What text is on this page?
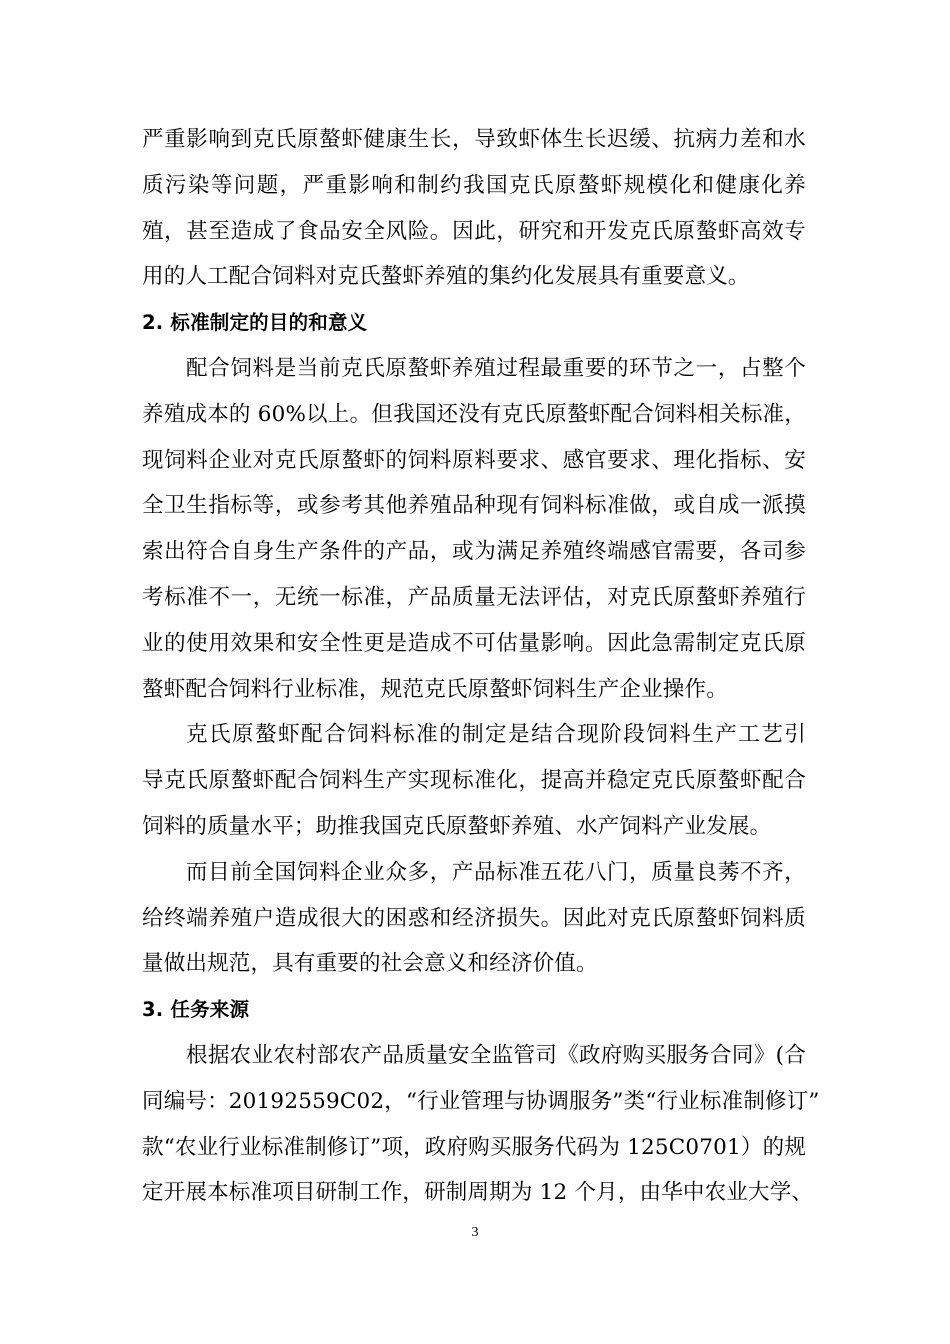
严重影响到克氏原螯虾健康生长，导致虾体生长迟缓、抗病力差和水
质污染等问题，严重影响和制约我国克氏原螯虾规模化和健康化养
殖，甚至造成了食品安全风险。因此，研究和开发克氏原螯虾高效专
用的人工配合饲料对克氏螯虾养殖的集约化发展具有重要意义。
2. 标准制定的目的和意义
配合饲料是当前克氏原螯虾养殖过程最重要的环节之一，占整个
养殖成本的 60%以上。但我国还没有克氏原螯虾配合饲料相关标准，
现饲料企业对克氏原螯虾的饲料原料要求、感官要求、理化指标、安
全卫生指标等，或参考其他养殖品种现有饲料标准做，或自成一派摸
索出符合自身生产条件的产品，或为满足养殖终端感官需要，各司参
考标准不一，无统一标准，产品质量无法评估，对克氏原螯虾养殖行
业的使用效果和安全性更是造成不可估量影响。因此急需制定克氏原
螯虾配合饲料行业标准，规范克氏原螯虾饲料生产企业操作。
克氏原螯虾配合饲料标准的制定是结合现阶段饲料生产工艺引
导克氏原螯虾配合饲料生产实现标准化，提高并稳定克氏原螯虾配合
饲料的质量水平；助推我国克氏原螯虾养殖、水产饲料产业发展。
而目前全国饲料企业众多，产品标准五花八门，质量良莠不齐，
给终端养殖户造成很大的困惑和经济损失。因此对克氏原螯虾饲料质
量做出规范，具有重要的社会意义和经济价值。
3. 任务来源
根据农业农村部农产品质量安全监管司《政府购买服务合同》(合
同编号：20192559C02，“行业管理与协调服务”类“行业标准制修订”
款“农业行业标准制修订”项，政府购买服务代码为 125C0701）的规
定开展本标准项目研制工作，研制周期为 12 个月，由华中农业大学、
3
